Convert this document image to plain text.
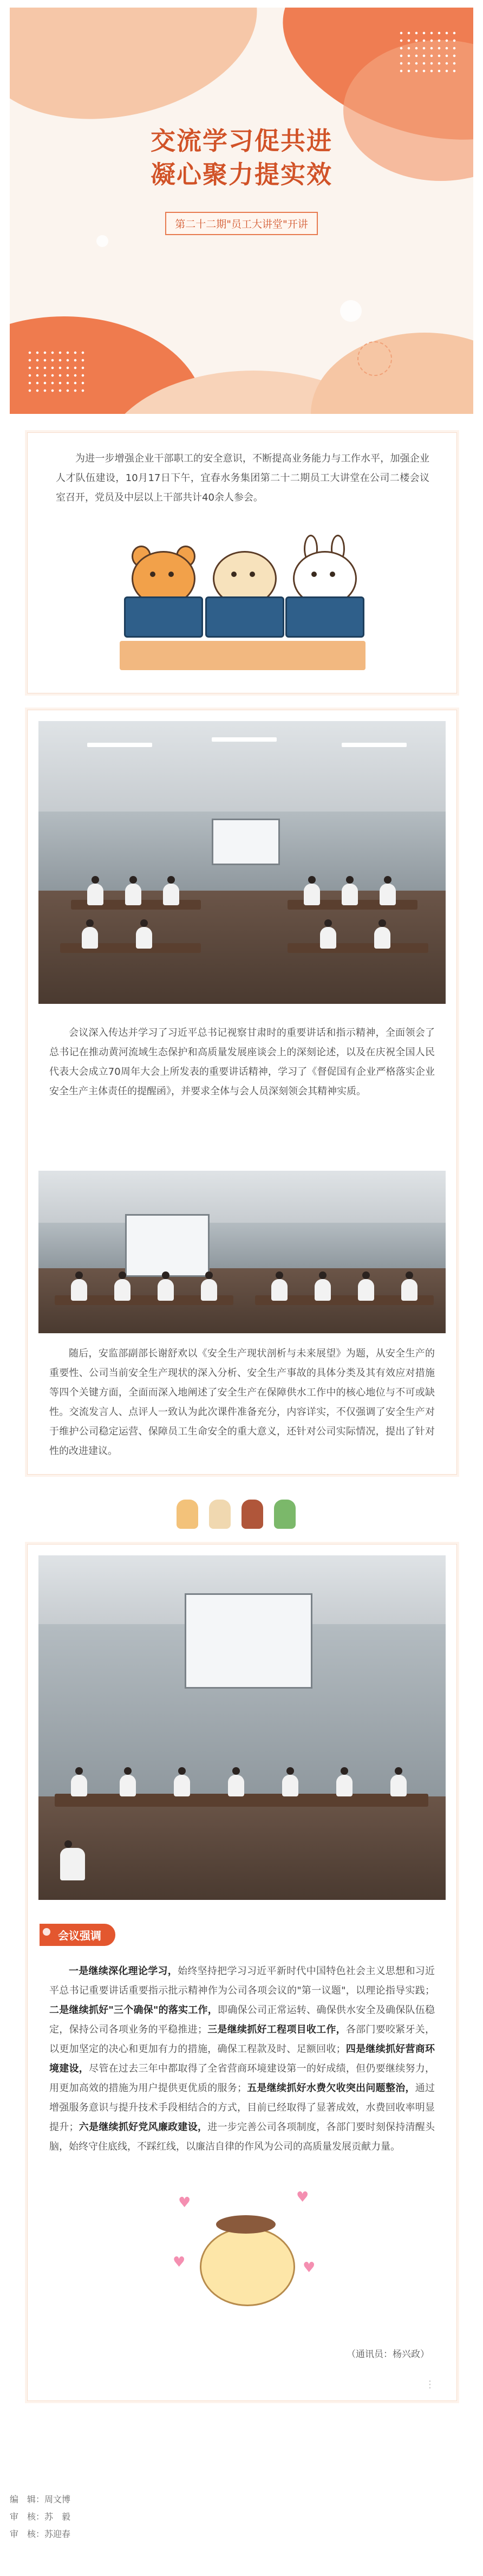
交流学习促共进
凝心聚力提实效
第二十二期"员工大讲堂"开讲
为进一步增强企业干部职工的安全意识，不断提高业务能力与工作水平，加强企业人才队伍建设，10月17日下午，宜春水务集团第二十二期员工大讲堂在公司二楼会议室召开，党员及中层以上干部共计40余人参会。
会议深入传达并学习了习近平总书记视察甘肃时的重要讲话和指示精神，全面领会了总书记在推动黄河流域生态保护和高质量发展座谈会上的深刻论述，以及在庆祝全国人民代表大会成立70周年大会上所发表的重要讲话精神，学习了《督促国有企业严格落实企业安全生产主体责任的提醒函》，并要求全体与会人员深刻领会其精神实质。
随后，安监部副部长谢舒欢以《安全生产现状剖析与未来展望》为题，从安全生产的重要性、公司当前安全生产现状的深入分析、安全生产事故的具体分类及其有效应对措施等四个关键方面，全面而深入地阐述了安全生产在保障供水工作中的核心地位与不可或缺性。交流发言人、点评人一致认为此次课件准备充分，内容详实，不仅强调了安全生产对于维护公司稳定运营、保障员工生命安全的重大意义，还针对公司实际情况，提出了针对性的改进建议。
会议强调
一是继续深化理论学习，始终坚持把学习习近平新时代中国特色社会主义思想和习近平总书记重要讲话重要指示批示精神作为公司各项会议的"第一议题"，以理论指导实践；二是继续抓好"三个确保"的落实工作，即确保公司正常运转、确保供水安全及确保队伍稳定，保持公司各项业务的平稳推进；三是继续抓好工程项目收工作，各部门要咬紧牙关，以更加坚定的决心和更加有力的措施，确保工程款及时、足额回收；四是继续抓好营商环境建设，尽管在过去三年中都取得了全省营商环境建设第一的好成绩，但仍要继续努力，用更加高效的措施为用户提供更优质的服务；五是继续抓好水费欠收突出问题整治，通过增强服务意识与提升技术手段相结合的方式，目前已经取得了显著成效，水费回收率明显提升；六是继续抓好党风廉政建设，进一步完善公司各项制度，各部门要时刻保持清醒头脑，始终守住底线，不踩红线，以廉洁自律的作风为公司的高质量发展贡献力量。
♥	♥
♥	♥
（通讯员：杨兴政）
⋮
编　辑：周文博
审　核：苏　毅
审　核：苏迎春
